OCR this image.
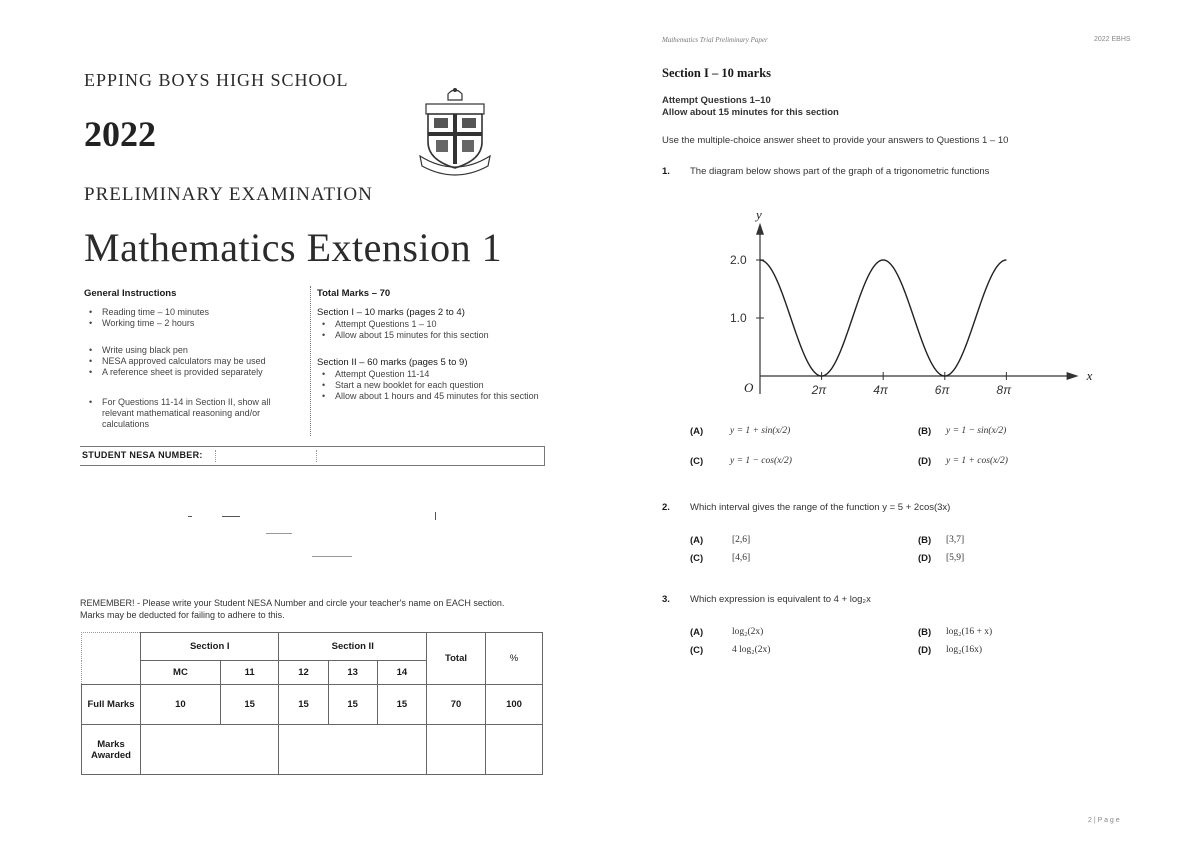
EPPING BOYS HIGH SCHOOL
2022
PRELIMINARY EXAMINATION
Mathematics Extension 1
General Instructions
• Reading time – 10 minutes
• Working time – 2 hours
• Write using black pen
• NESA approved calculators may be used
• A reference sheet is provided separately
• For Questions 11-14 in Section II, show all relevant mathematical reasoning and/or calculations
Total Marks – 70
Section I – 10 marks (pages 2 to 4)
• Attempt Questions 1 – 10
• Allow about 15 minutes for this section
Section II – 60 marks (pages 5 to 9)
• Attempt Question 11-14
• Start a new booklet for each question
• Allow about 1 hours and 45 minutes for this section
STUDENT NESA NUMBER:
REMEMBER! - Please write your Student NESA Number and circle your teacher's name on EACH section. Marks may be deducted for failing to adhere to this.
	Section I		Section II			Total	%
	MC	11	12	13	14		
Full Marks	10	15	15	15	15	70	100
Marks Awarded							
Mathematics Trial Preliminary Paper	2022 EBHS
Section I – 10 marks
Attempt Questions 1–10
Allow about 15 minutes for this section
Use the multiple-choice answer sheet to provide your answers to Questions 1 – 10
1. The diagram below shows part of the graph of a trigonometric functions
x
y
O
1.0
2.0
2π	4π	6π	8π
(A)	y = 1 + sin(x/2)	(B) y = 1 − sin(x/2)
(C)	y = 1 − cos(x/2)	(D) y = 1 + cos(x/2)
2. Which interval gives the range of the function y = 5 + 2cos(3x)
(A)	[2,6]	(B) [3,7]
(C)	[4,6]	(D) [5,9]
3. Which expression is equivalent to 4 + log₂x
(A)	log₂(2x)	(B) log₂(16 + x)
(C)	4 log₂(2x)	(D) log₂(16x)
2 | P a g e
